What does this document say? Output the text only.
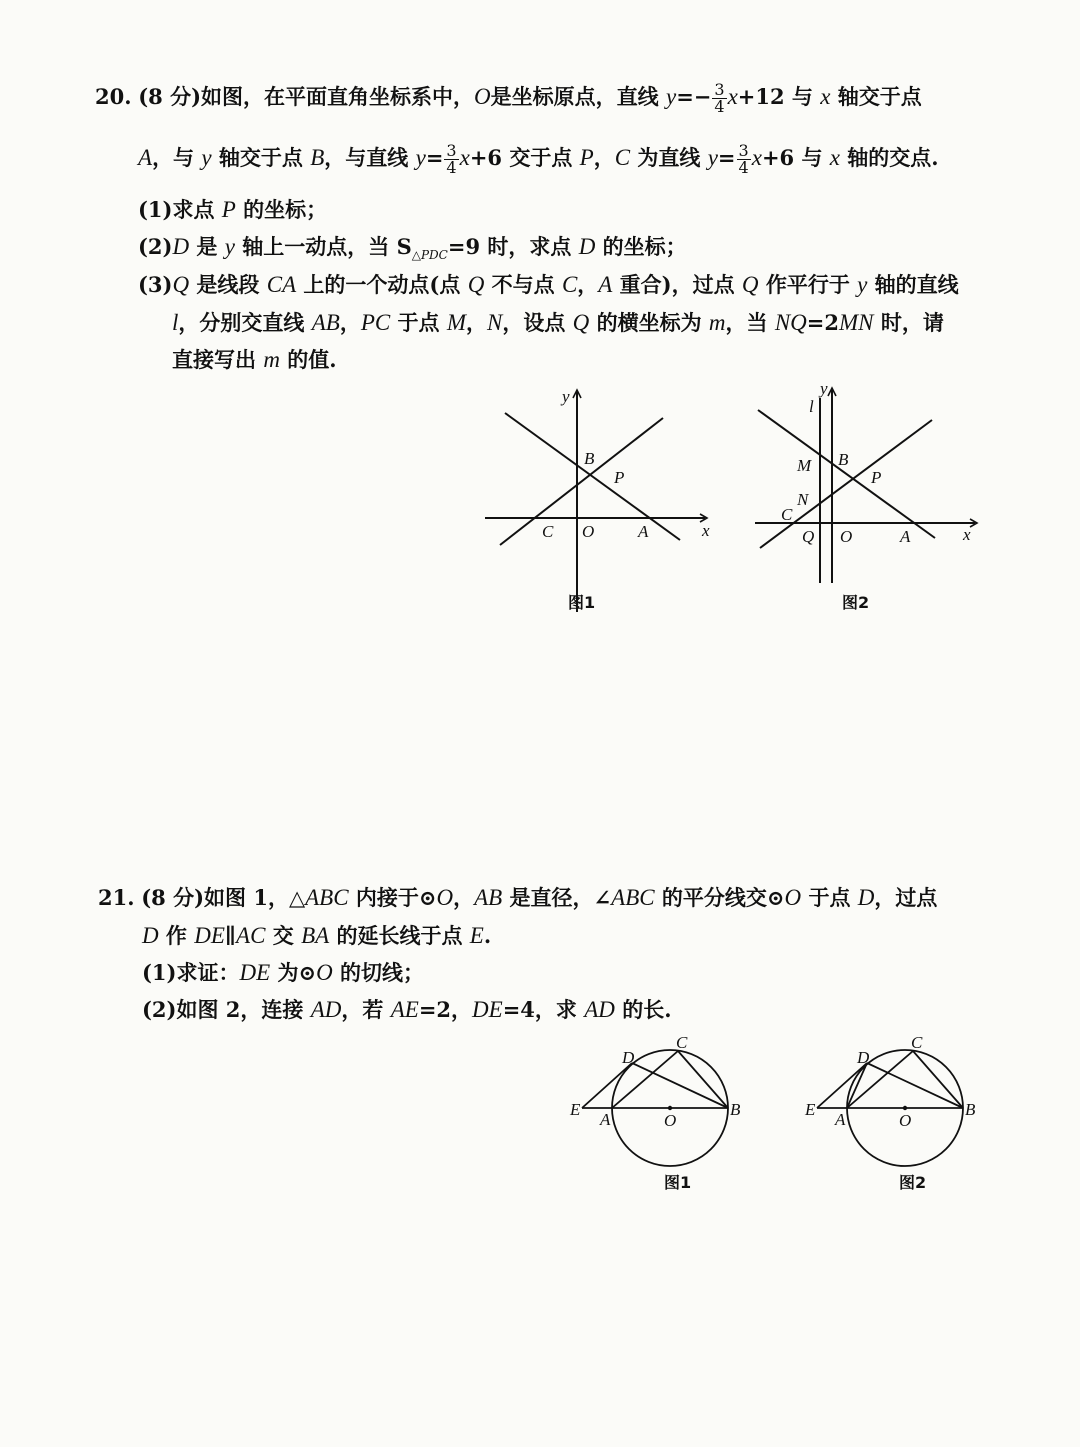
20. (8 分)如图，在平面直角坐标系中，O是坐标原点，直线 $y=- \frac{3}{4} x+12$ 与 x 轴交于点
A，与 y 轴交于点 B，与直线 $y= \frac{3}{4} x+6$ 交于点 P，C 为直线 $y= \frac{3}{4} x+6$ 与 x 轴的交点.
(1)求点 P 的坐标；
(2)D 是 y 轴上一动点，当 $S_{\triangle PDC}=9$ 时，求点 D 的坐标；
(3)Q 是线段 CA 上的一个动点(点 Q 不与点 C，A 重合)，过点 Q 作平行于 y 轴的直线
l，分别交直线 AB，PC 于点 M，N，设点 Q 的横坐标为 m，当 NQ=2MN 时，请
直接写出 m 的值.
y
x
B
P
C O	A
图1
y
x
l
M B
P
N
C
Q O	A
图2
21. (8 分)如图 1，△ABC 内接于⊙O，AB 是直径，∠ABC 的平分线交⊙O 于点 D，过点
D 作 DE∥AC 交 BA 的延长线于点 E.
(1)求证：DE 为⊙O 的切线；
(2)如图 2，连接 AD，若 AE=2，DE=4，求 AD 的长.
D
C
E
A	O
B
图1
D
C
E
A	O
B
图2
